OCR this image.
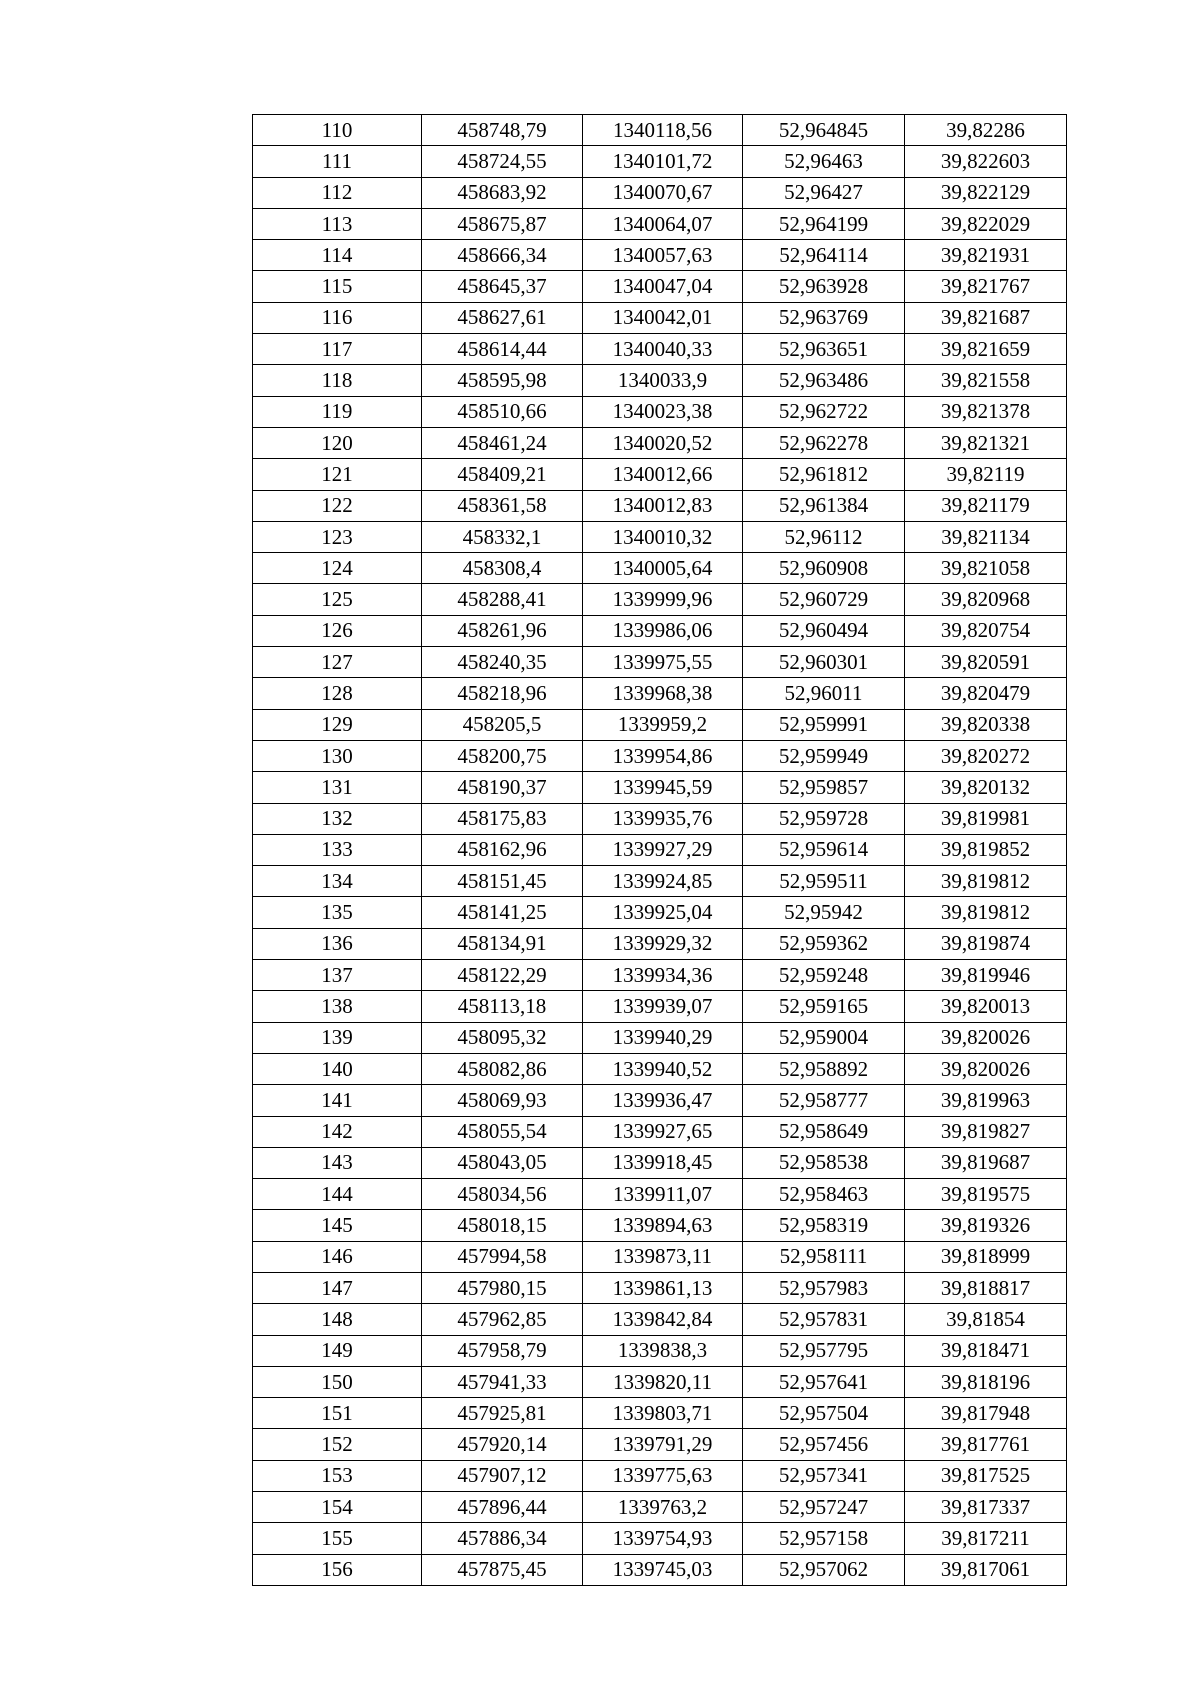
110	458748,79	1340118,56	52,964845	39,82286
111	458724,55	1340101,72	52,96463	39,822603
112	458683,92	1340070,67	52,96427	39,822129
113	458675,87	1340064,07	52,964199	39,822029
114	458666,34	1340057,63	52,964114	39,821931
115	458645,37	1340047,04	52,963928	39,821767
116	458627,61	1340042,01	52,963769	39,821687
117	458614,44	1340040,33	52,963651	39,821659
118	458595,98	1340033,9	52,963486	39,821558
119	458510,66	1340023,38	52,962722	39,821378
120	458461,24	1340020,52	52,962278	39,821321
121	458409,21	1340012,66	52,961812	39,82119
122	458361,58	1340012,83	52,961384	39,821179
123	458332,1	1340010,32	52,96112	39,821134
124	458308,4	1340005,64	52,960908	39,821058
125	458288,41	1339999,96	52,960729	39,820968
126	458261,96	1339986,06	52,960494	39,820754
127	458240,35	1339975,55	52,960301	39,820591
128	458218,96	1339968,38	52,96011	39,820479
129	458205,5	1339959,2	52,959991	39,820338
130	458200,75	1339954,86	52,959949	39,820272
131	458190,37	1339945,59	52,959857	39,820132
132	458175,83	1339935,76	52,959728	39,819981
133	458162,96	1339927,29	52,959614	39,819852
134	458151,45	1339924,85	52,959511	39,819812
135	458141,25	1339925,04	52,95942	39,819812
136	458134,91	1339929,32	52,959362	39,819874
137	458122,29	1339934,36	52,959248	39,819946
138	458113,18	1339939,07	52,959165	39,820013
139	458095,32	1339940,29	52,959004	39,820026
140	458082,86	1339940,52	52,958892	39,820026
141	458069,93	1339936,47	52,958777	39,819963
142	458055,54	1339927,65	52,958649	39,819827
143	458043,05	1339918,45	52,958538	39,819687
144	458034,56	1339911,07	52,958463	39,819575
145	458018,15	1339894,63	52,958319	39,819326
146	457994,58	1339873,11	52,958111	39,818999
147	457980,15	1339861,13	52,957983	39,818817
148	457962,85	1339842,84	52,957831	39,81854
149	457958,79	1339838,3	52,957795	39,818471
150	457941,33	1339820,11	52,957641	39,818196
151	457925,81	1339803,71	52,957504	39,817948
152	457920,14	1339791,29	52,957456	39,817761
153	457907,12	1339775,63	52,957341	39,817525
154	457896,44	1339763,2	52,957247	39,817337
155	457886,34	1339754,93	52,957158	39,817211
156	457875,45	1339745,03	52,957062	39,817061
